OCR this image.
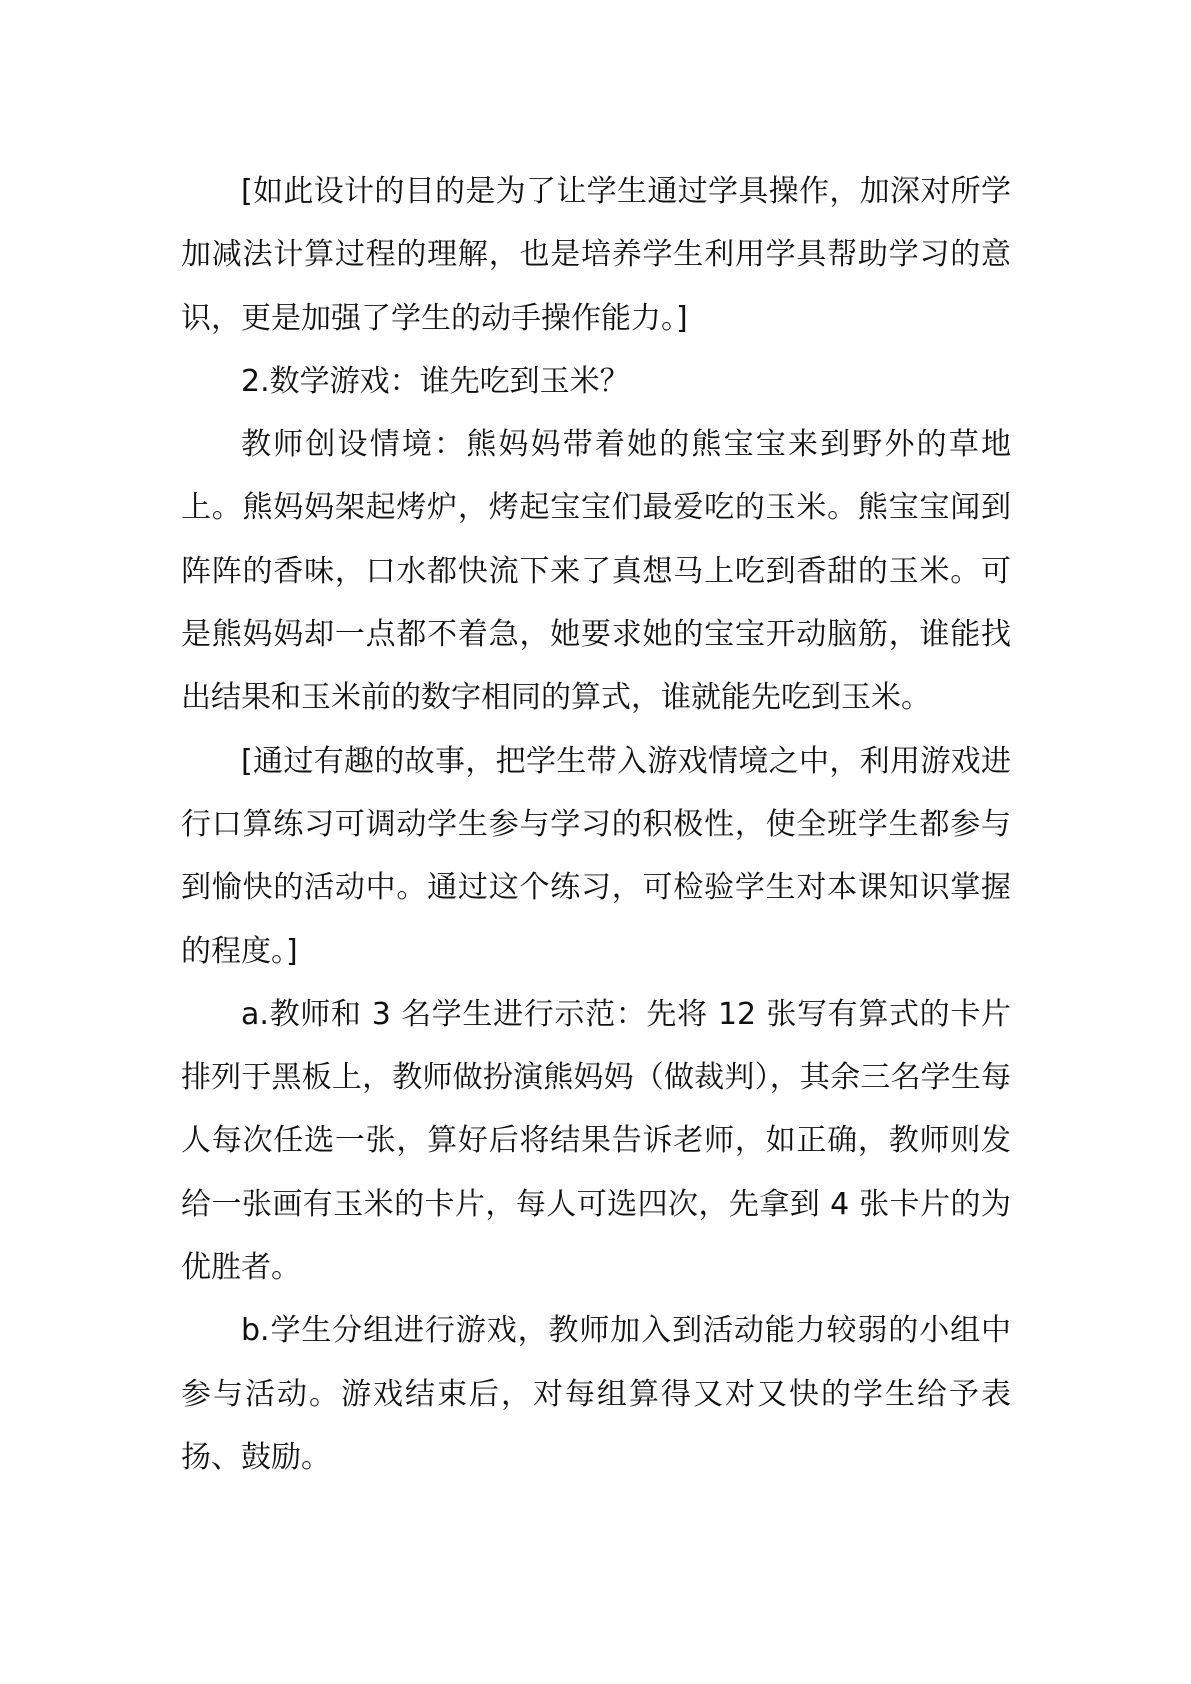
[如此设计的目的是为了让学生通过学具操作，加深对所学加减法计算过程的理解，也是培养学生利用学具帮助学习的意识，更是加强了学生的动手操作能力。]

2.数学游戏：谁先吃到玉米？

教师创设情境：熊妈妈带着她的熊宝宝来到野外的草地上。熊妈妈架起烤炉，烤起宝宝们最爱吃的玉米。熊宝宝闻到阵阵的香味，口水都快流下来了真想马上吃到香甜的玉米。可是熊妈妈却一点都不着急，她要求她的宝宝开动脑筋，谁能找出结果和玉米前的数字相同的算式，谁就能先吃到玉米。

[通过有趣的故事，把学生带入游戏情境之中，利用游戏进行口算练习可调动学生参与学习的积极性，使全班学生都参与到愉快的活动中。通过这个练习，可检验学生对本课知识掌握的程度。]

a.教师和 3 名学生进行示范：先将 12 张写有算式的卡片排列于黑板上，教师做扮演熊妈妈（做裁判），其余三名学生每人每次任选一张，算好后将结果告诉老师，如正确，教师则发给一张画有玉米的卡片，每人可选四次，先拿到 4 张卡片的为优胜者。

b.学生分组进行游戏，教师加入到活动能力较弱的小组中参与活动。游戏结束后，对每组算得又对又快的学生给予表扬、鼓励。
